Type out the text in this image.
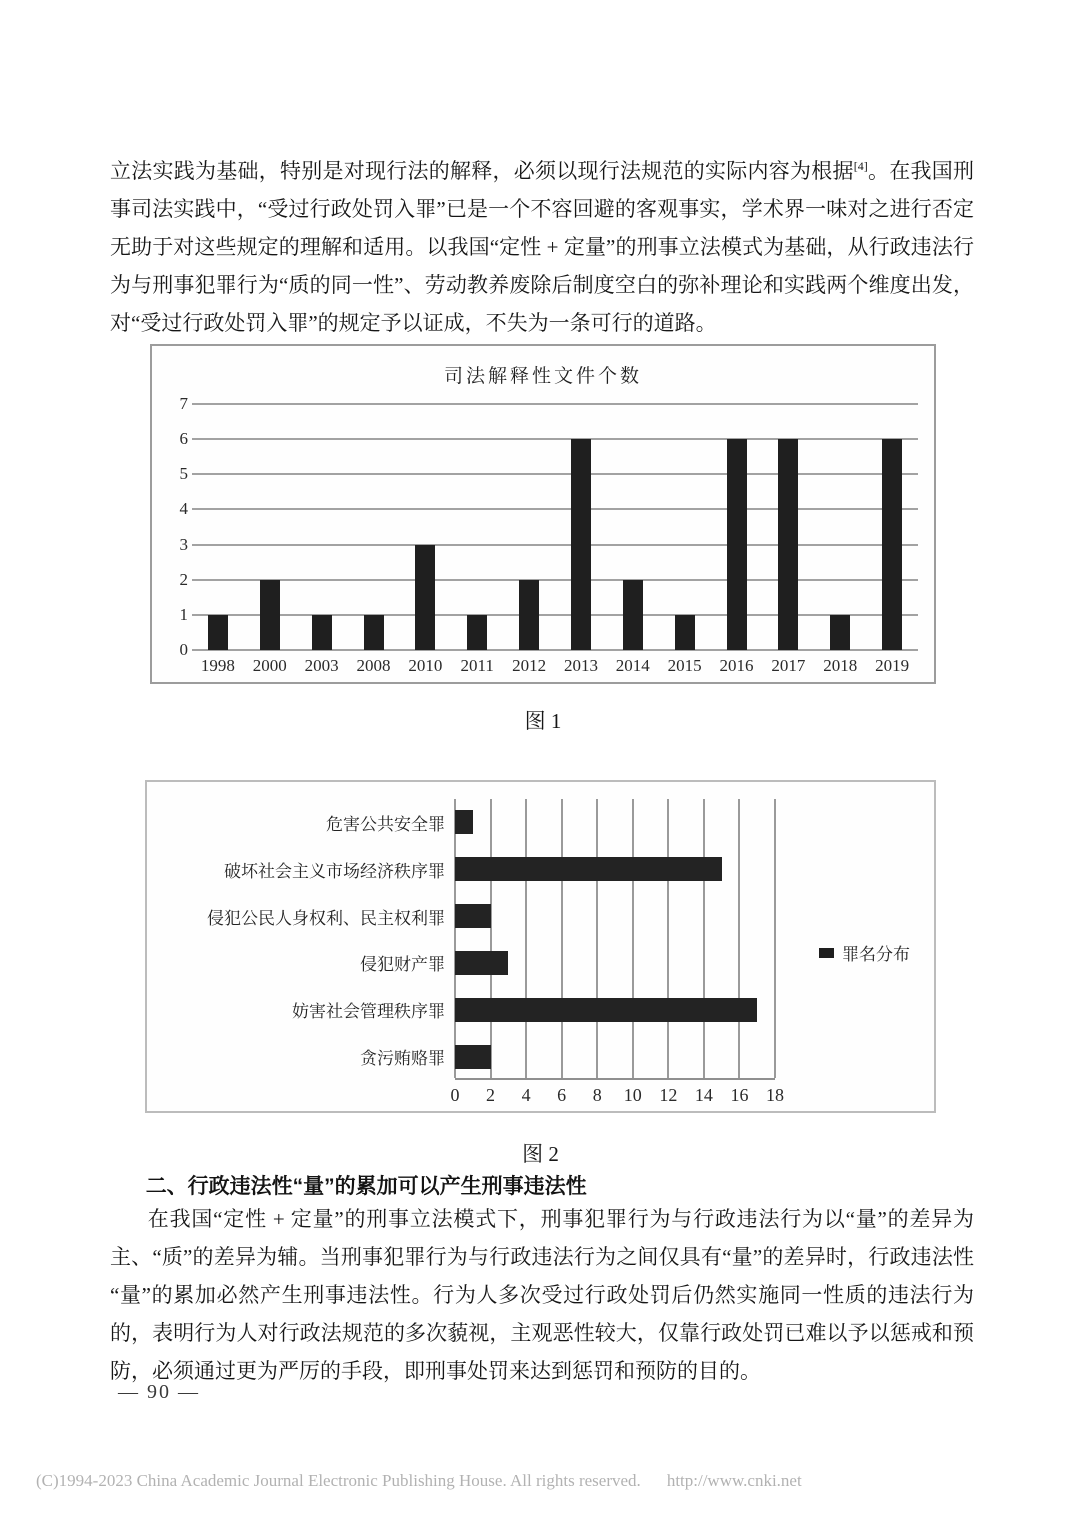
立法实践为基础，特别是对现行法的解释，必须以现行法规范的实际内容为根据[4]。在我国刑事司法实践中，“受过行政处罚入罪”已是一个不容回避的客观事实，学术界一味对之进行否定无助于对这些规定的理解和适用。以我国“定性 + 定量”的刑事立法模式为基础，从行政违法行为与刑事犯罪行为“质的同一性”、劳动教养废除后制度空白的弥补理论和实践两个维度出发，对“受过行政处罚入罪”的规定予以证成，不失为一条可行的道路。

司法解释性文件个数
0
1
2
3
4
5
6
7
1998	2000	2003	2008	2010	2011	2012	2013	2014	2015	2016	2017	2018	2019
图 1
危害公共安全罪
破坏社会主义市场经济秩序罪
侵犯公民人身权利、民主权利罪
侵犯财产罪
妨害社会管理秩序罪
贪污贿赂罪
0 2 4 6 8 10 12 14 16 18
罪名分布
图 2
二、行政违法性“量”的累加可以产生刑事违法性

在我国“定性 + 定量”的刑事立法模式下，刑事犯罪行为与行政违法行为以“量”的差异为主、“质”的差异为辅。当刑事犯罪行为与行政违法行为之间仅具有“量”的差异时，行政违法性“量”的累加必然产生刑事违法性。行为人多次受过行政处罚后仍然实施同一性质的违法行为的，表明行为人对行政法规范的多次藐视，主观恶性较大，仅靠行政处罚已难以予以惩戒和预防，必须通过更为严厉的手段，即刑事处罚来达到惩罚和预防的目的。

— 90 —
(C)1994-2023 China Academic Journal Electronic Publishing House. All rights reserved. http://www.cnki.net
